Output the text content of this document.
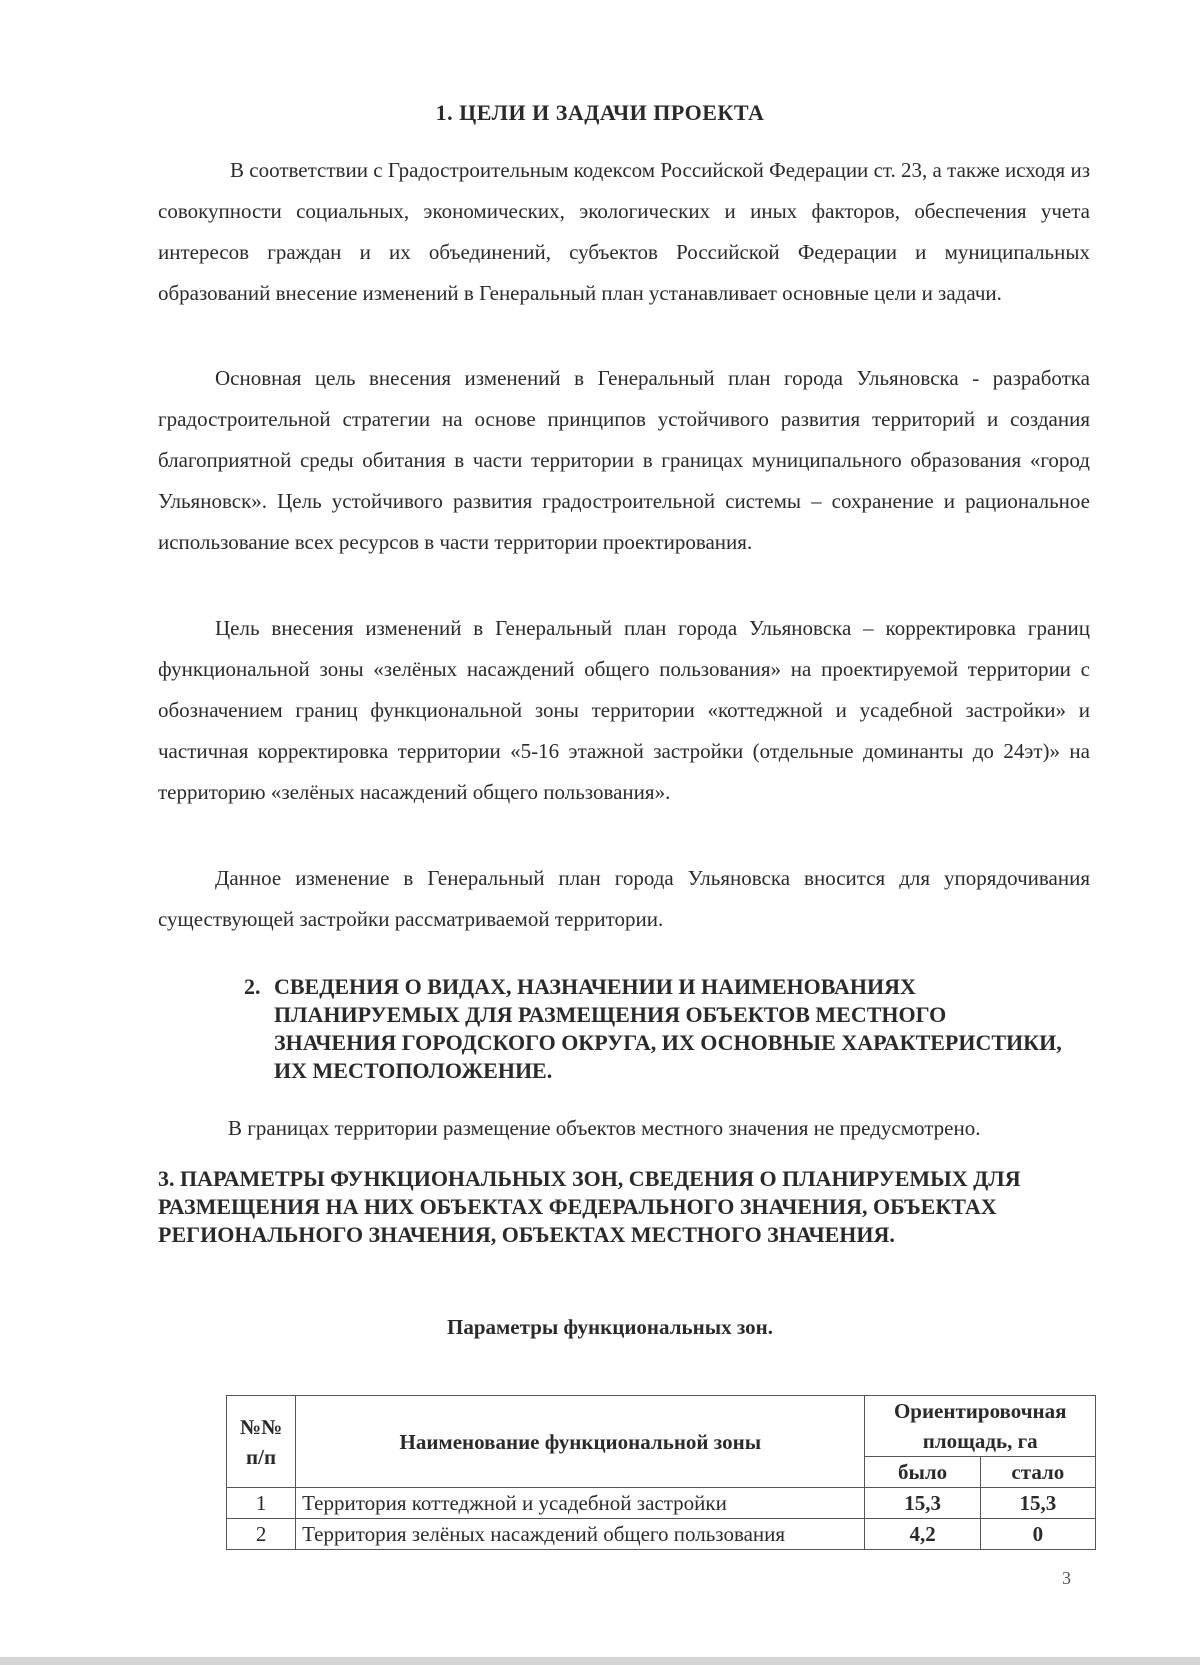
1. ЦЕЛИ И ЗАДАЧИ ПРОЕКТА

В соответствии с Градостроительным кодексом Российской Федерации ст. 23, а также исходя из совокупности социальных, экономических, экологических и иных факторов, обеспечения учета интересов граждан и их объединений, субъектов Российской Федерации и муниципальных образований внесение изменений в Генеральный план устанавливает основные цели и задачи.

Основная цель внесения изменений в Генеральный план города Ульяновска - разработка градостроительной стратегии на основе принципов устойчивого развития территорий и создания благоприятной среды обитания в части территории в границах муниципального образования «город Ульяновск». Цель устойчивого развития градостроительной системы – сохранение и рациональное использование всех ресурсов в части территории проектирования.

Цель внесения изменений в Генеральный план города Ульяновска – корректировка границ функциональной зоны «зелёных насаждений общего пользования» на проектируемой территории с обозначением границ функциональной зоны территории «коттеджной и усадебной застройки» и частичная корректировка территории «5-16 этажной застройки (отдельные доминанты до 24эт)» на территорию «зелёных насаждений общего пользования».

Данное изменение в Генеральный план города Ульяновска вносится для упорядочивания существующей застройки рассматриваемой территории.

2. СВЕДЕНИЯ О ВИДАХ, НАЗНАЧЕНИИ И НАИМЕНОВАНИЯХ ПЛАНИРУЕМЫХ ДЛЯ РАЗМЕЩЕНИЯ ОБЪЕКТОВ МЕСТНОГО ЗНАЧЕНИЯ ГОРОДСКОГО ОКРУГА, ИХ ОСНОВНЫЕ ХАРАКТЕРИСТИКИ, ИХ МЕСТОПОЛОЖЕНИЕ.

В границах территории размещение объектов местного значения не предусмотрено.

3. ПАРАМЕТРЫ ФУНКЦИОНАЛЬНЫХ ЗОН, СВЕДЕНИЯ О ПЛАНИРУЕМЫХ ДЛЯ РАЗМЕЩЕНИЯ НА НИХ ОБЪЕКТАХ ФЕДЕРАЛЬНОГО ЗНАЧЕНИЯ, ОБЪЕКТАХ РЕГИОНАЛЬНОГО ЗНАЧЕНИЯ, ОБЪЕКТАХ МЕСТНОГО ЗНАЧЕНИЯ.
Параметры функциональных зон.
№№ п/п	Наименование функциональной зоны	Ориентировочная площадь, га	
		было	стало
1	Территория коттеджной и усадебной застройки	15,3	15,3
2	Территория зелёных насаждений общего пользования	4,2	0
3
